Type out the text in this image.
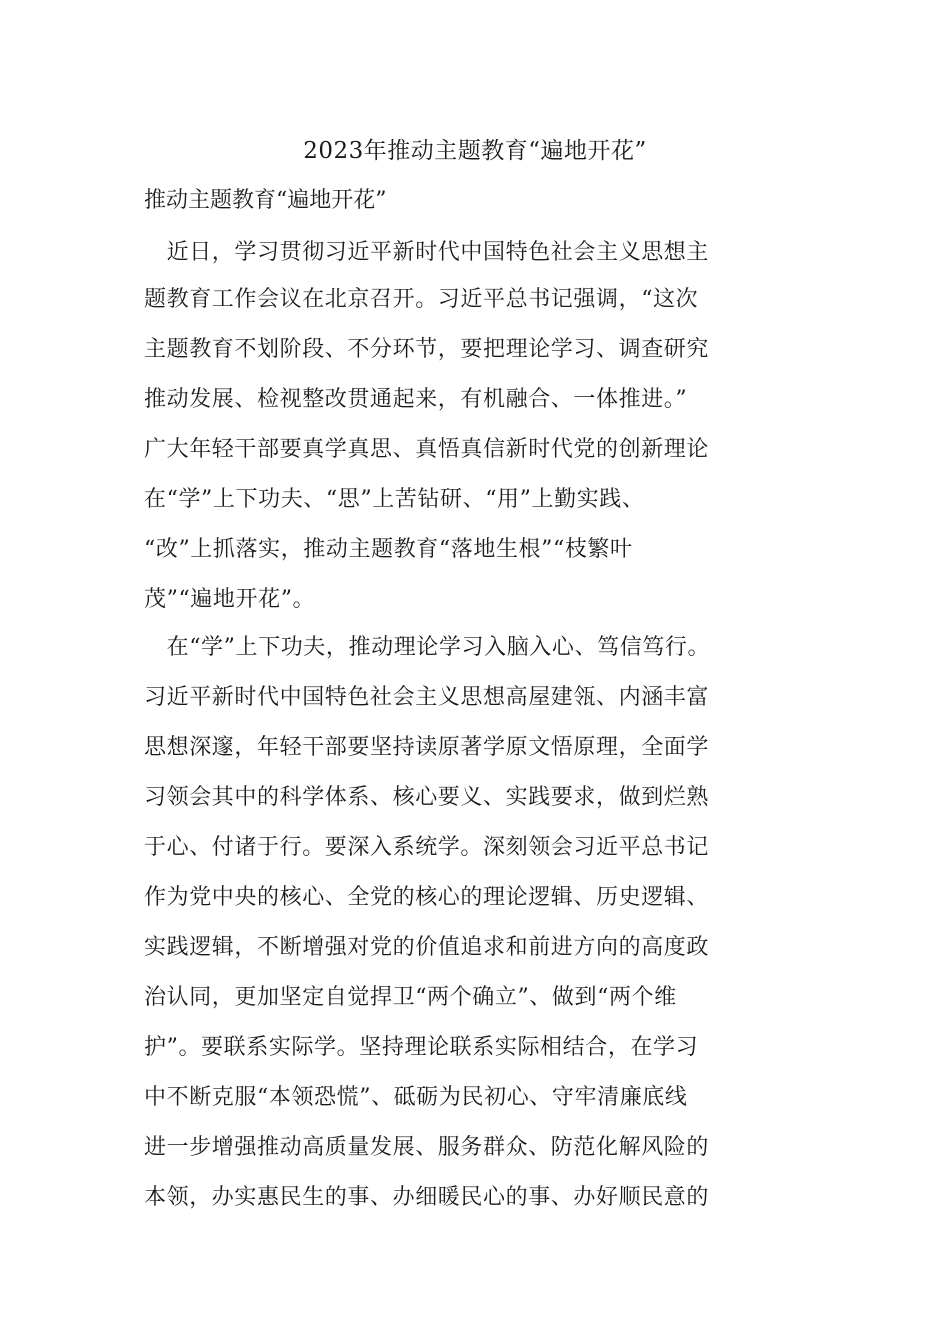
2023年推动主题教育“遍地开花”
推动主题教育“遍地开花”
　近日，学习贯彻习近平新时代中国特色社会主义思想主
题教育工作会议在北京召开。习近平总书记强调，“这次
主题教育不划阶段、不分环节，要把理论学习、调查研究
推动发展、检视整改贯通起来，有机融合、一体推进。”
广大年轻干部要真学真思、真悟真信新时代党的创新理论
在“学”上下功夫、“思”上苦钻研、“用”上勤实践、
“改”上抓落实，推动主题教育“落地生根”“枝繁叶
茂”“遍地开花”。
　在“学”上下功夫，推动理论学习入脑入心、笃信笃行。
习近平新时代中国特色社会主义思想高屋建瓴、内涵丰富
思想深邃，年轻干部要坚持读原著学原文悟原理，全面学
习领会其中的科学体系、核心要义、实践要求，做到烂熟
于心、付诸于行。要深入系统学。深刻领会习近平总书记
作为党中央的核心、全党的核心的理论逻辑、历史逻辑、
实践逻辑，不断增强对党的价值追求和前进方向的高度政
治认同，更加坚定自觉捍卫“两个确立”、做到“两个维
护”。要联系实际学。坚持理论联系实际相结合，在学习
中不断克服“本领恐慌”、砥砺为民初心、守牢清廉底线
进一步增强推动高质量发展、服务群众、防范化解风险的
本领，办实惠民生的事、办细暖民心的事、办好顺民意的
